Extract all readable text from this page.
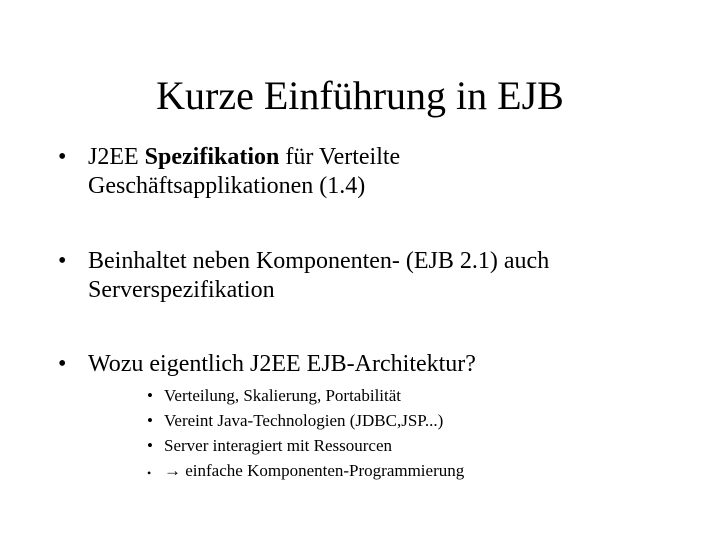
Kurze Einführung in EJB
• J2EE Spezifikation für Verteilte
Geschäftsapplikationen (1.4)
• Beinhaltet neben Komponenten- (EJB 2.1) auch
Serverspezifikation
• Wozu eigentlich J2EE EJB-Architektur?
• Verteilung, Skalierung, Portabilität
• Vereint Java-Technologien (JDBC,JSP...)
• Server interagiert mit Ressourcen
• → einfache Komponenten-Programmierung
